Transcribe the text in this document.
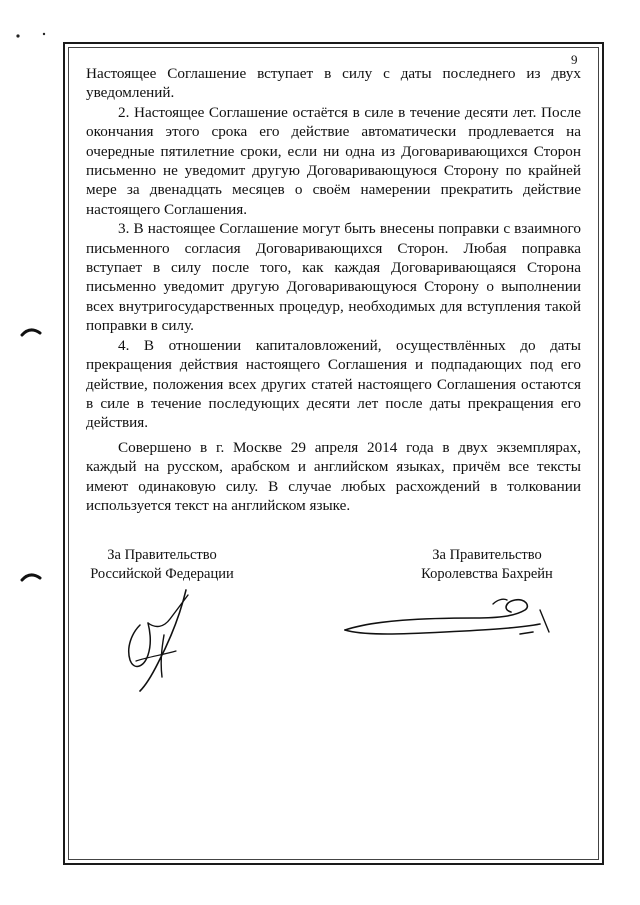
9

Настоящее Соглашение вступает в силу с даты последнего из двух уведомлений.

2. Настоящее Соглашение остаётся в силе в течение десяти лет. После окончания этого срока его действие автоматически продлевается на очередные пятилетние сроки, если ни одна из Договаривающихся Сторон письменно не уведомит другую Договаривающуюся Сторону по крайней мере за двенадцать месяцев о своём намерении прекратить действие настоящего Соглашения.

3. В настоящее Соглашение могут быть внесены поправки с взаимного письменного согласия Договаривающихся Сторон. Любая поправка вступает в силу после того, как каждая Договаривающаяся Сторона письменно уведомит другую Договаривающуюся Сторону о выполнении всех внутригосударственных процедур, необходимых для вступления такой поправки в силу.

4. В отношении капиталовложений, осуществлённых до даты прекращения действия настоящего Соглашения и подпадающих под его действие, положения всех других статей настоящего Соглашения остаются в силе в течение последующих десяти лет после даты прекращения его действия.

Совершено в г. Москве 29 апреля 2014 года в двух экземплярах, каждый на русском, арабском и английском языках, причём все тексты имеют одинаковую силу. В случае любых расхождений в толковании используется текст на английском языке.

За Правительство
Российской Федерации
За Правительство
Королевства Бахрейн
